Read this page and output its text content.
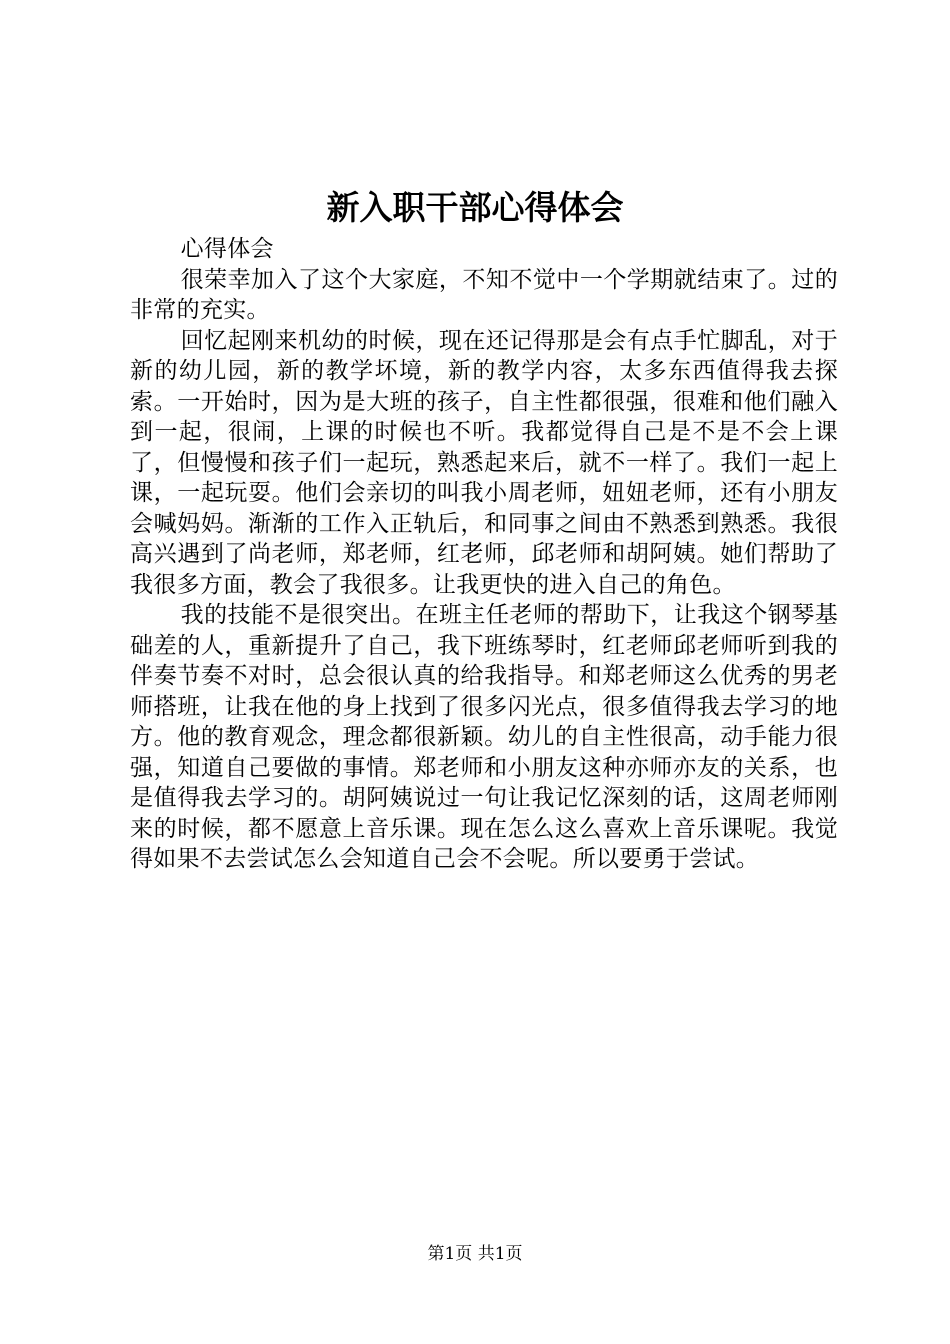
新入职干部心得体会

心得体会

很荣幸加入了这个大家庭，不知不觉中一个学期就结束了。过的非常的充实。

回忆起刚来机幼的时候，现在还记得那是会有点手忙脚乱，对于新的幼儿园，新的教学坏境，新的教学内容，太多东西值得我去探索。一开始时，因为是大班的孩子，自主性都很强，很难和他们融入到一起，很闹，上课的时候也不听。我都觉得自己是不是不会上课了，但慢慢和孩子们一起玩，熟悉起来后，就不一样了。我们一起上课，一起玩耍。他们会亲切的叫我小周老师，妞妞老师，还有小朋友会喊妈妈。渐渐的工作入正轨后，和同事之间由不熟悉到熟悉。我很高兴遇到了尚老师，郑老师，红老师，邱老师和胡阿姨。她们帮助了我很多方面，教会了我很多。让我更快的进入自己的角色。

我的技能不是很突出。在班主任老师的帮助下，让我这个钢琴基础差的人，重新提升了自己，我下班练琴时，红老师邱老师听到我的伴奏节奏不对时，总会很认真的给我指导。和郑老师这么优秀的男老师搭班，让我在他的身上找到了很多闪光点，很多值得我去学习的地方。他的教育观念，理念都很新颖。幼儿的自主性很高，动手能力很强，知道自己要做的事情。郑老师和小朋友这种亦师亦友的关系，也是值得我去学习的。胡阿姨说过一句让我记忆深刻的话，这周老师刚来的时候，都不愿意上音乐课。现在怎么这么喜欢上音乐课呢。我觉得如果不去尝试怎么会知道自己会不会呢。所以要勇于尝试。

第1页 共1页
